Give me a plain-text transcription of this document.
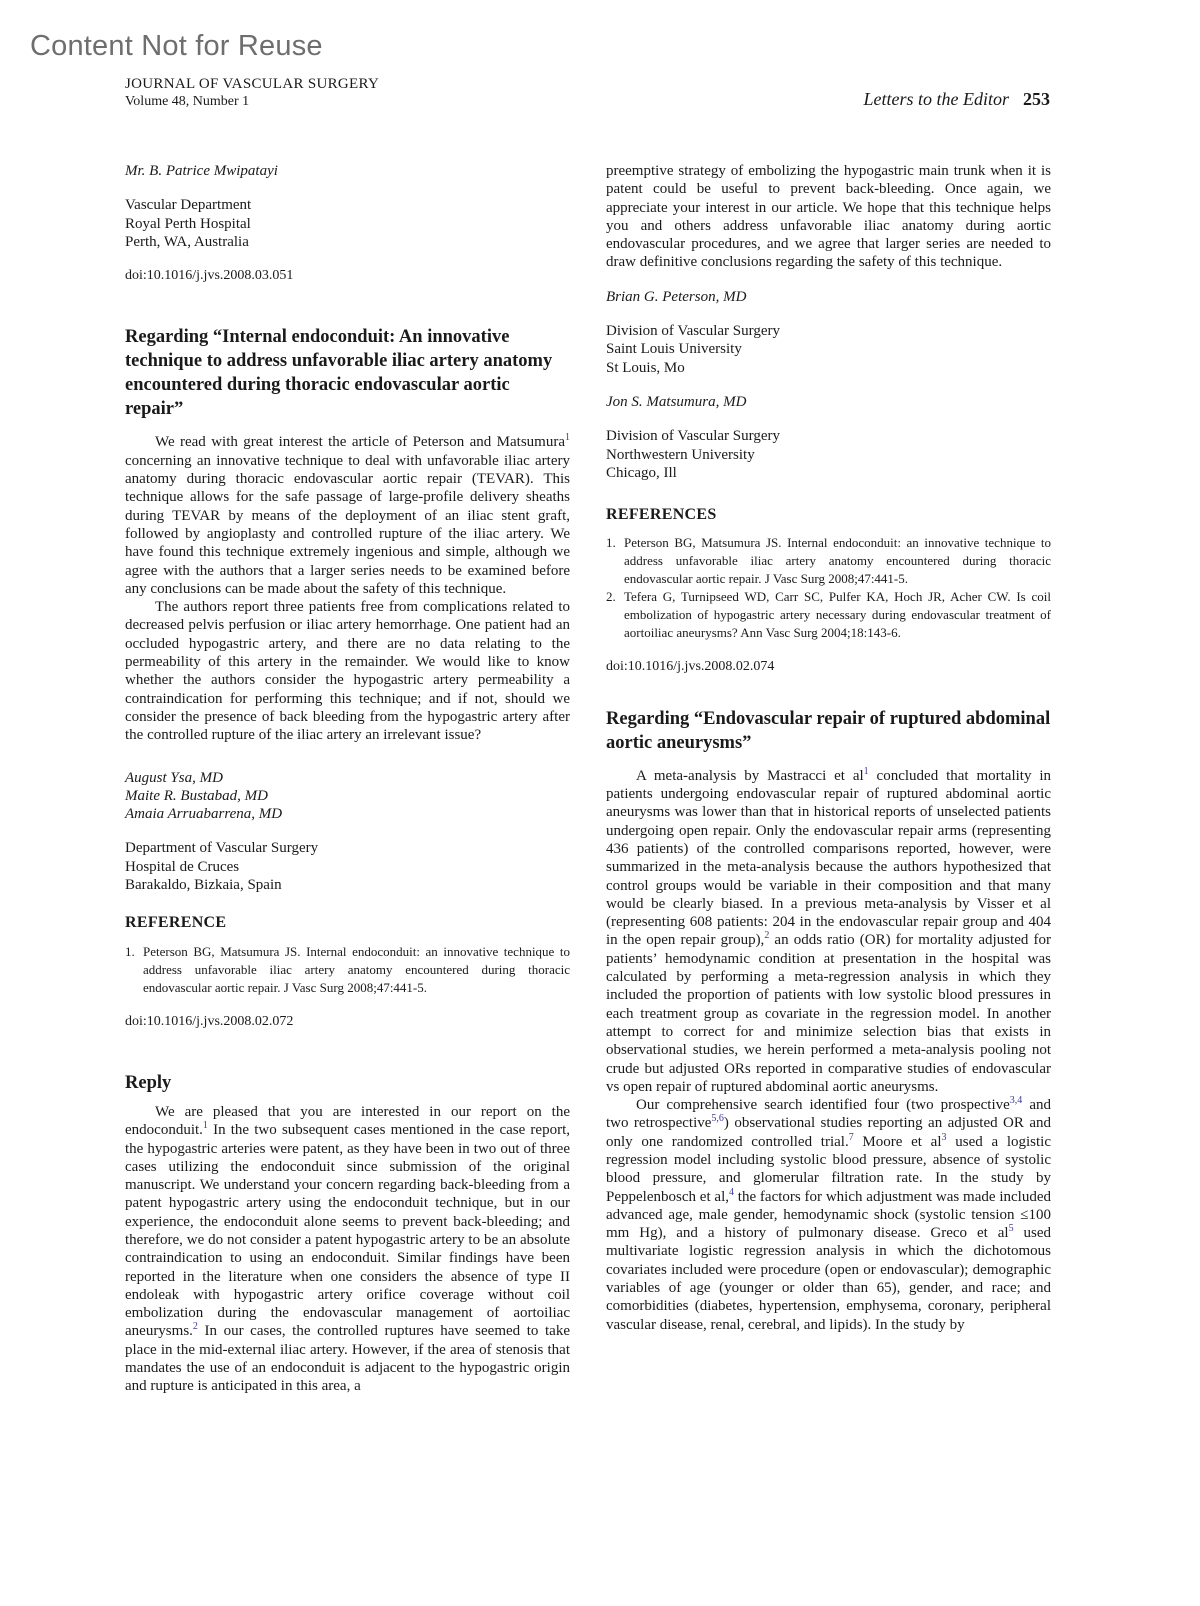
Content Not for Reuse
JOURNAL OF VASCULAR SURGERY
Volume 48, Number 1	Letters to the Editor 253

Mr. B. Patrice Mwipatayi

Vascular Department

Royal Perth Hospital

Perth, WA, Australia

doi:10.1016/j.jvs.2008.03.051

Regarding “Internal endoconduit: An innovative technique to address unfavorable iliac artery anatomy encountered during thoracic endovascular aortic repair”

We read with great interest the article of Peterson and Matsumura$^1$ concerning an innovative technique to deal with unfavorable iliac artery anatomy during thoracic endovascular aortic repair (TEVAR). This technique allows for the safe passage of large-profile delivery sheaths during TEVAR by means of the deployment of an iliac stent graft, followed by angioplasty and controlled rupture of the iliac artery. We have found this technique extremely ingenious and simple, although we agree with the authors that a larger series needs to be examined before any conclusions can be made about the safety of this technique.

The authors report three patients free from complications related to decreased pelvis perfusion or iliac artery hemorrhage. One patient had an occluded hypogastric artery, and there are no data relating to the permeability of this artery in the remainder. We would like to know whether the authors consider the hypogastric artery permeability a contraindication for performing this technique; and if not, should we consider the presence of back bleeding from the hypogastric artery after the controlled rupture of the iliac artery an irrelevant issue?

August Ysa, MD

Maite R. Bustabad, MD

Amaia Arruabarrena, MD

Department of Vascular Surgery

Hospital de Cruces

Barakaldo, Bizkaia, Spain

REFERENCE
1. Peterson BG, Matsumura JS. Internal endoconduit: an innovative technique to address unfavorable iliac artery anatomy encountered during thoracic endovascular aortic repair. J Vasc Surg 2008;47:441-5.

doi:10.1016/j.jvs.2008.02.072

Reply

We are pleased that you are interested in our report on the endoconduit.$^1$ In the two subsequent cases mentioned in the case report, the hypogastric arteries were patent, as they have been in two out of three cases utilizing the endoconduit since submission of the original manuscript. We understand your concern regarding back-bleeding from a patent hypogastric artery using the endoconduit technique, but in our experience, the endoconduit alone seems to prevent back-bleeding; and therefore, we do not consider a patent hypogastric artery to be an absolute contraindication to using an endoconduit. Similar findings have been reported in the literature when one considers the absence of type II endoleak with hypogastric artery orifice coverage without coil embolization during the endovascular management of aortoiliac aneurysms.$^2$ In our cases, the controlled ruptures have seemed to take place in the mid-external iliac artery. However, if the area of stenosis that mandates the use of an endoconduit is adjacent to the hypogastric origin and rupture is anticipated in this area, a

preemptive strategy of embolizing the hypogastric main trunk when it is patent could be useful to prevent back-bleeding. Once again, we appreciate your interest in our article. We hope that this technique helps you and others address unfavorable iliac anatomy during aortic endovascular procedures, and we agree that larger series are needed to draw definitive conclusions regarding the safety of this technique.

Brian G. Peterson, MD

Division of Vascular Surgery

Saint Louis University

St Louis, Mo

Jon S. Matsumura, MD

Division of Vascular Surgery

Northwestern University

Chicago, Ill

REFERENCES
1. Peterson BG, Matsumura JS. Internal endoconduit: an innovative technique to address unfavorable iliac artery anatomy encountered during thoracic endovascular aortic repair. J Vasc Surg 2008;47:441-5.
2. Tefera G, Turnipseed WD, Carr SC, Pulfer KA, Hoch JR, Acher CW. Is coil embolization of hypogastric artery necessary during endovascular treatment of aortoiliac aneurysms? Ann Vasc Surg 2004;18:143-6.

doi:10.1016/j.jvs.2008.02.074

Regarding “Endovascular repair of ruptured abdominal aortic aneurysms”

A meta-analysis by Mastracci et $al^1$ concluded that mortality in patients undergoing endovascular repair of ruptured abdominal aortic aneurysms was lower than that in historical reports of unselected patients undergoing open repair. Only the endovascular repair arms (representing 436 patients) of the controlled comparisons reported, however, were summarized in the meta-analysis because the authors hypothesized that control groups would be variable in their composition and that many would be clearly biased. In a previous meta-analysis by Visser et al (representing 608 patients: 204 in the endovascular repair group and 404 in the open repair group),$^2$ an odds ratio (OR) for mortality adjusted for patients’ hemodynamic condition at presentation in the hospital was calculated by performing a meta-regression analysis in which they included the proportion of patients with low systolic blood pressures in each treatment group as covariate in the regression model. In another attempt to correct for and minimize selection bias that exists in observational studies, we herein performed a meta-analysis pooling not crude but adjusted ORs reported in comparative studies of endovascular vs open repair of ruptured abdominal aortic aneurysms.

Our comprehensive search identified four (two prospective$^{3,4}$ and two retrospective$^{5,6}$) observational studies reporting an adjusted OR and only one randomized controlled trial.$^7$ Moore et $al^3$ used a logistic regression model including systolic blood pressure, absence of systolic blood pressure, and glomerular filtration rate. In the study by Peppelenbosch et al,$^4$ the factors for which adjustment was made included advanced age, male gender, hemodynamic shock (systolic tension ≤100 mm Hg), and a history of pulmonary disease. Greco et $al^5$ used multivariate logistic regression analysis in which the dichotomous covariates included were procedure (open or endovascular); demographic variables of age (younger or older than 65), gender, and race; and comorbidities (diabetes, hypertension, emphysema, coronary, peripheral vascular disease, renal, cerebral, and lipids). In the study by
